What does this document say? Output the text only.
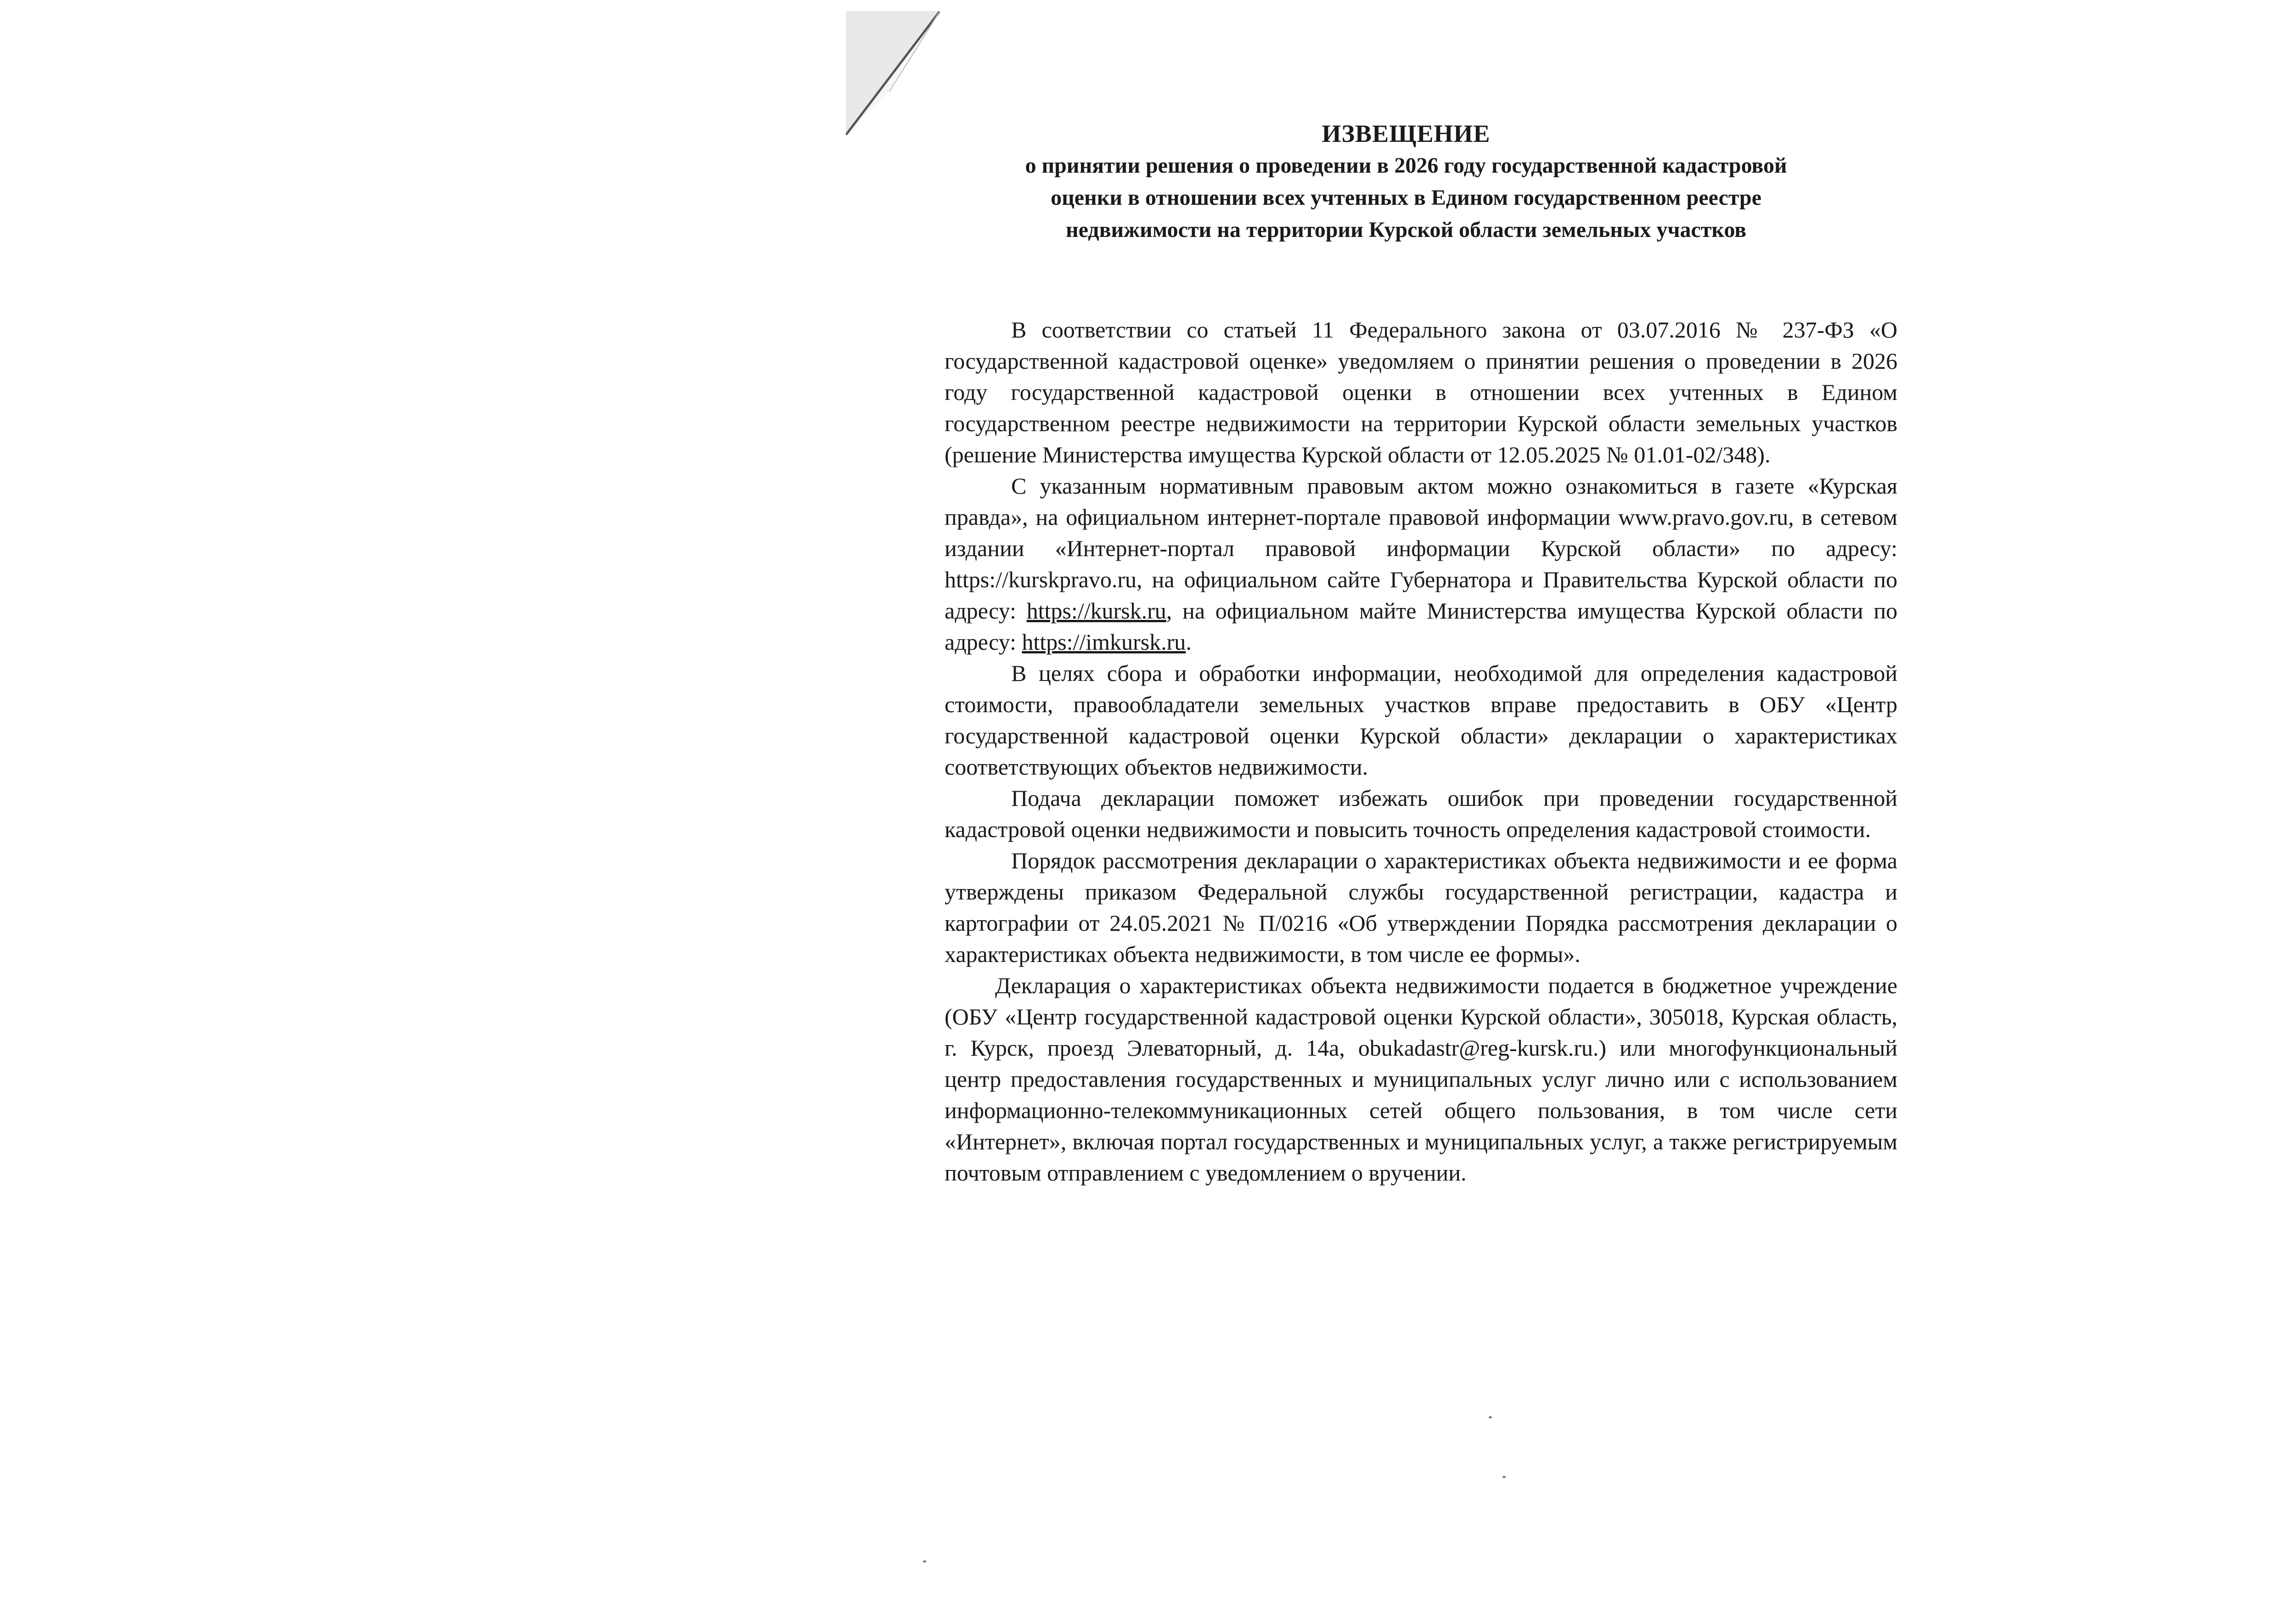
ИЗВЕЩЕНИЕ
о принятии решения о проведении в 2026 году государственной кадастровой оценки в отношении всех учтенных в Едином государственном реестре недвижимости на территории Курской области земельных участков

В соответствии со статьей 11 Федерального закона от 03.07.2016 № 237-ФЗ «О государственной кадастровой оценке» уведомляем о принятии решения о проведении в 2026 году государственной кадастровой оценки в отношении всех учтенных в Едином государственном реестре недвижимости на территории Курской области земельных участков (решение Министерства имущества Курской области от 12.05.2025 № 01.01-02/348).

С указанным нормативным правовым актом можно ознакомиться в газете «Курская правда», на официальном интернет-портале правовой информации www.pravo.gov.ru, в сетевом издании «Интернет-портал правовой информации Курской области» по адресу: https://kurskpravo.ru, на официальном сайте Губернатора и Правительства Курской области по адресу: https://kursk.ru, на официальном майте Министерства имущества Курской области по адресу: https://imkursk.ru.

В целях сбора и обработки информации, необходимой для определения кадастровой стоимости, правообладатели земельных участков вправе предоставить в ОБУ «Центр государственной кадастровой оценки Курской области» декларации о характеристиках соответствующих объектов недвижимости.

Подача декларации поможет избежать ошибок при проведении государственной кадастровой оценки недвижимости и повысить точность определения кадастровой стоимости.

Порядок рассмотрения декларации о характеристиках объекта недвижимости и ее форма утверждены приказом Федеральной службы государственной регистрации, кадастра и картографии от 24.05.2021 № П/0216 «Об утверждении Порядка рассмотрения декларации о характеристиках объекта недвижимости, в том числе ее формы».

Декларация о характеристиках объекта недвижимости подается в бюджетное учреждение (ОБУ «Центр государственной кадастровой оценки Курской области», 305018, Курская область, г. Курск, проезд Элеваторный, д. 14а, obukadastr@reg-kursk.ru.) или многофункциональный центр предоставления государственных и муниципальных услуг лично или с использованием информационно-телекоммуникационных сетей общего пользования, в том числе сети «Интернет», включая портал государственных и муниципальных услуг, а также регистрируемым почтовым отправлением с уведомлением о вручении.
